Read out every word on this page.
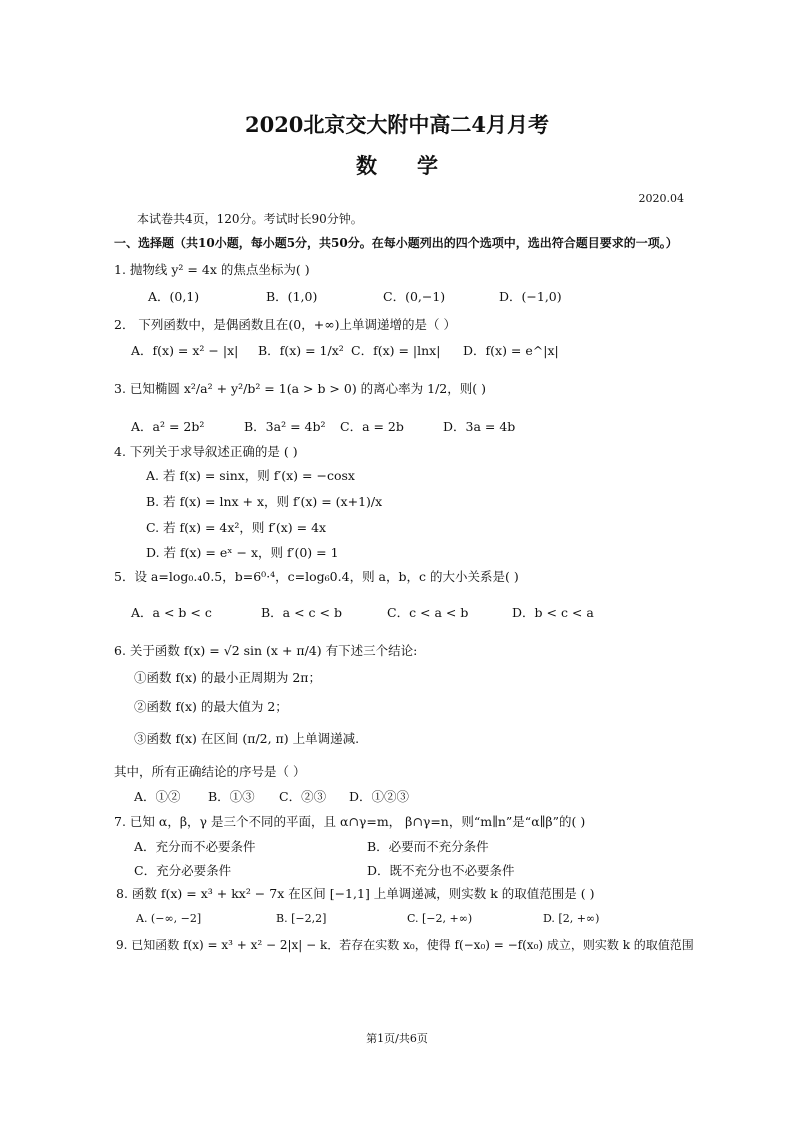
2020北京交大附中高二4月月考
数学
2020.04
本试卷共4页，120分。考试时长90分钟。
一、选择题（共10小题，每小题5分，共50分。在每小题列出的四个选项中，选出符合题目要求的一项。）
1. 抛物线 y² = 4x 的焦点坐标为( )
A．(0,1)	B．(1,0)	C．(0,−1)	D．(−1,0)
2． 下列函数中，是偶函数且在(0，+∞)上单调递增的是（ ）
A．f(x) = x² − |x| B．f(x) = 1/x² C．f(x) = |lnx| D．f(x) = e^|x|
3. 已知椭圆 x²/a² + y²/b² = 1(a > b > 0) 的离心率为 1/2，则( )
A．a² = 2b²	B．3a² = 4b² C．a = 2b	D．3a = 4b
4. 下列关于求导叙述正确的是 ( )
A. 若 f(x) = sinx，则 f′(x) = −cosx
B. 若 f(x) = lnx + x，则 f′(x) = (x+1)/x
C. 若 f(x) = 4x²，则 f′(x) = 4x
D. 若 f(x) = eˣ − x，则 f′(0) = 1
5．设 a=log₀.₄0.5，b=6⁰·⁴，c=log₆0.4，则 a，b，c 的大小关系是( )
A．a < b < c	B．a < c < b	C．c < a < b	D．b < c < a
6. 关于函数 f(x) = √2 sin (x + π/4) 有下述三个结论:
①函数 f(x) 的最小正周期为 2π；
②函数 f(x) 的最大值为 2；
③函数 f(x) 在区间 (π/2, π) 上单调递减.
其中，所有正确结论的序号是（ ）
A．①② B．①③ C．②③ D．①②③
7. 已知 α，β，γ 是三个不同的平面，且 α∩γ=m， β∩γ=n，则“m∥n”是“α∥β”的( )
A．充分而不必要条件	B．必要而不充分条件
C．充分必要条件	D．既不充分也不必要条件
8. 函数 f(x) = x³ + kx² − 7x 在区间 [−1,1] 上单调递减，则实数 k 的取值范围是 ( )
A. (−∞, −2]	B. [−2,2]	C. [−2, +∞)	D. [2, +∞)
9. 已知函数 f(x) = x³ + x² − 2|x| − k．若存在实数 x₀，使得 f(−x₀) = −f(x₀) 成立，则实数 k 的取值范围
第1页/共6页
